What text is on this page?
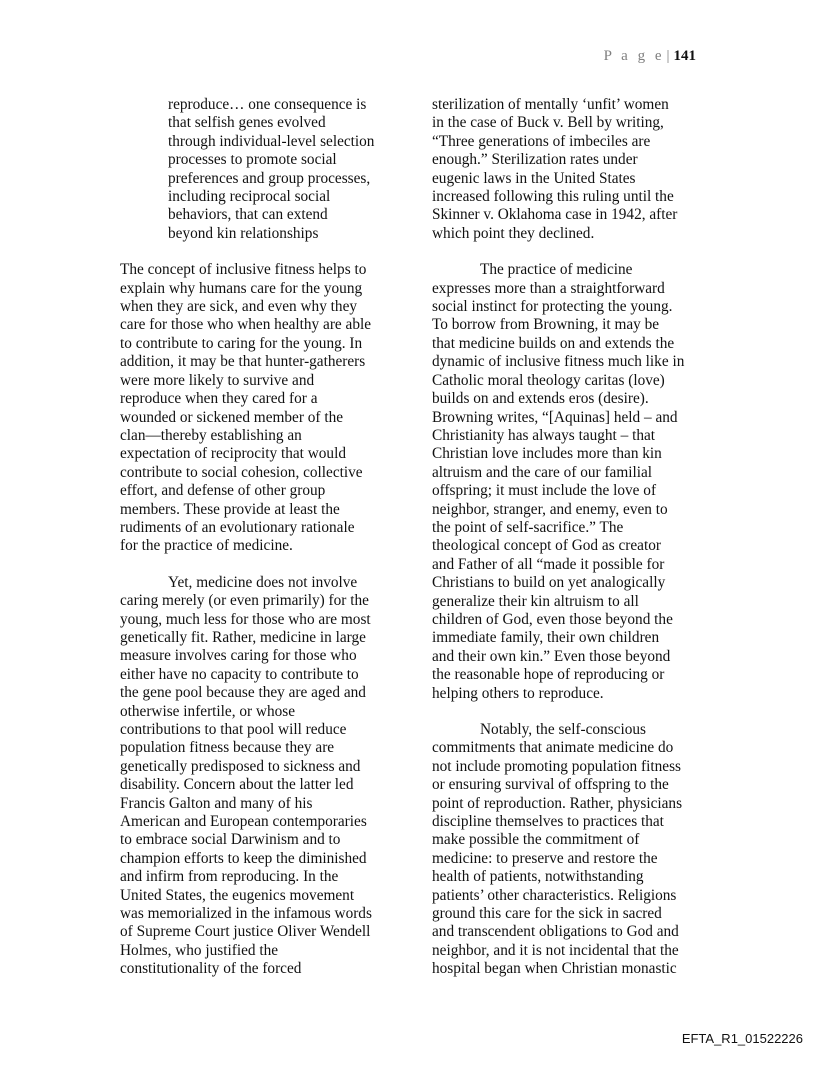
P a g e | 141
reproduce… one consequence is
that selfish genes evolved
through individual-level selection
processes to promote social
preferences and group processes,
including reciprocal social
behaviors, that can extend
beyond kin relationships

The concept of inclusive fitness helps to
explain why humans care for the young
when they are sick, and even why they
care for those who when healthy are able
to contribute to caring for the young. In
addition, it may be that hunter-gatherers
were more likely to survive and
reproduce when they cared for a
wounded or sickened member of the
clan—thereby establishing an
expectation of reciprocity that would
contribute to social cohesion, collective
effort, and defense of other group
members. These provide at least the
rudiments of an evolutionary rationale
for the practice of medicine.

Yet, medicine does not involve
caring merely (or even primarily) for the
young, much less for those who are most
genetically fit. Rather, medicine in large
measure involves caring for those who
either have no capacity to contribute to
the gene pool because they are aged and
otherwise infertile, or whose
contributions to that pool will reduce
population fitness because they are
genetically predisposed to sickness and
disability. Concern about the latter led
Francis Galton and many of his
American and European contemporaries
to embrace social Darwinism and to
champion efforts to keep the diminished
and infirm from reproducing. In the
United States, the eugenics movement
was memorialized in the infamous words
of Supreme Court justice Oliver Wendell
Holmes, who justified the
constitutionality of the forced

sterilization of mentally ‘unfit’ women
in the case of Buck v. Bell by writing,
“Three generations of imbeciles are
enough.” Sterilization rates under
eugenic laws in the United States
increased following this ruling until the
Skinner v. Oklahoma case in 1942, after
which point they declined.

The practice of medicine
expresses more than a straightforward
social instinct for protecting the young.
To borrow from Browning, it may be
that medicine builds on and extends the
dynamic of inclusive fitness much like in
Catholic moral theology caritas (love)
builds on and extends eros (desire).
Browning writes, “[Aquinas] held – and
Christianity has always taught – that
Christian love includes more than kin
altruism and the care of our familial
offspring; it must include the love of
neighbor, stranger, and enemy, even to
the point of self-sacrifice.” The
theological concept of God as creator
and Father of all “made it possible for
Christians to build on yet analogically
generalize their kin altruism to all
children of God, even those beyond the
immediate family, their own children
and their own kin.” Even those beyond
the reasonable hope of reproducing or
helping others to reproduce.

Notably, the self-conscious
commitments that animate medicine do
not include promoting population fitness
or ensuring survival of offspring to the
point of reproduction. Rather, physicians
discipline themselves to practices that
make possible the commitment of
medicine: to preserve and restore the
health of patients, notwithstanding
patients’ other characteristics. Religions
ground this care for the sick in sacred
and transcendent obligations to God and
neighbor, and it is not incidental that the
hospital began when Christian monastic

EFTA_R1_01522226
